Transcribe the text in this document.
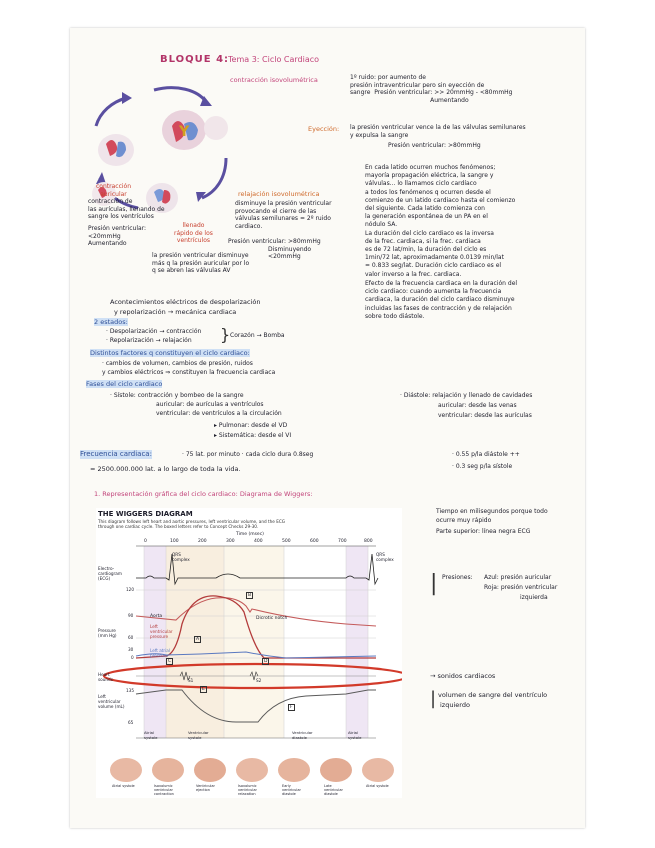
BLOQUE 4:
Tema 3: Ciclo Cardiaco
Y
contracción isovolumétrica	1º ruido: por aumento de
presión intraventricular pero sin eyección de
sangre  Presión ventricular: >> 20mmHg - <80mmHg
Aumentando
Eyección: la presión ventricular vence la de las válvulas semilunares
y expulsa la sangre
Presión ventricular: >80mmHg
contracción
auricular
contracción de
las aurículas, llenando de
sangre los ventrículos
Presión ventricular:
<20mmHg
Aumentando
relajación isovolumétrica
disminuye la presión ventricular
provocando el cierre de las
válvulas semilunares = 2º ruido
cardiaco.
Presión ventricular: >80mmHg
Disminuyendo
<20mmHg
llenado
rápido de los
ventrículos
la presión ventricular disminuye
más q la presión auricular por lo
q se abren las válvulas AV
En cada latido ocurren muchos fenómenos;
mayoría propagación eléctrica, la sangre y
válvulas... lo llamamos ciclo cardíaco
a todos los fenómenos q ocurren desde el
comienzo de un latido cardiaco hasta el comienzo
del siguiente. Cada latido comienza con
la generación espontánea de un PA en el
nódulo SA.
La duración del ciclo cardiaco es la inversa
de la frec. cardiaca, si la frec. cardiaca
es de 72 lat/min, la duración del ciclo es
1min/72 lat, aproximadamente 0.0139 min/lat
= 0.833 seg/lat. Duración ciclo cardiaco es el
valor inverso a la frec. cardiaca.
Efecto de la frecuencia cardiaca en la duración del
ciclo cardiaco: cuando aumenta la frecuencia
cardiaca, la duración del ciclo cardiaco disminuye
incluidas las fases de contracción y de relajación
sobre todo diástole.
Acontecimientos eléctricos de despolarización
y repolarización → mecánica cardiaca
2 estados:
· Despolarización → contracción
· Repolarización → relajación } Corazón → Bomba
Distintos factores q constituyen el ciclo cardiaco:
· cambios de volumen, cambios de presión, ruidos
y cambios eléctricos ⇒ constituyen la frecuencia cardiaca
Fases del ciclo cardiaco
· Sístole: contracción y bombeo de la sangre
auricular: de aurículas a ventrículos
ventricular: de ventrículos a la circulación
▸ Pulmonar: desde el VD
▸ Sistemática: desde el VI
· Diástole: relajación y llenado de cavidades
auricular: desde las venas
ventricular: desde las aurículas
Frecuencia cardiaca:	· 75 lat. por minuto · cada ciclo dura 0.8seg	· 0.55 p/la diástole ++
· 0.3 seg p/la sístole
= 2500.000.000 lat. a lo largo de toda la vida.
1. Representación gráfica del ciclo cardiaco: Diagrama de Wiggers:
THE WIGGERS DIAGRAM
This diagram follows left heart and aortic pressures, left ventricular volume, and the ECG
through one cardiac cycle. The boxed letters refer to Concept Checks 29-30.
Time (msec)
0	100	200	300	400	500	600	700	800
Electro-
cardiogram
(ECG)
Pressure
(mm Hg)
Heart
sounds
Left
ventricular
volume (mL)
120
90
60
30
0
135
65
Aorta	Dicrotic notch
Left
ventricular
pressure
Left atrial
pressure
QRS
complex
QRS
complex
A
B
C	D
E
F
S1	S2
Atrial
systole
Ventricular
systole
Ventricular
diastole
Atrial
systole
Atrial systole	Isovolumic
ventricular
contraction
Ventricular
ejection
Isovolumic
ventricular
relaxation
Early
ventricular
diastole
Late
ventricular
diastole
Atrial systole
Tiempo en milisegundos porque todo
ocurre muy rápido
Parte superior: línea negra ECG
| Presiones: Azul: presión auricular
Roja: presión ventricular
izquierda
→ sonidos cardiacos
| volumen de sangre del ventrículo
izquierdo
